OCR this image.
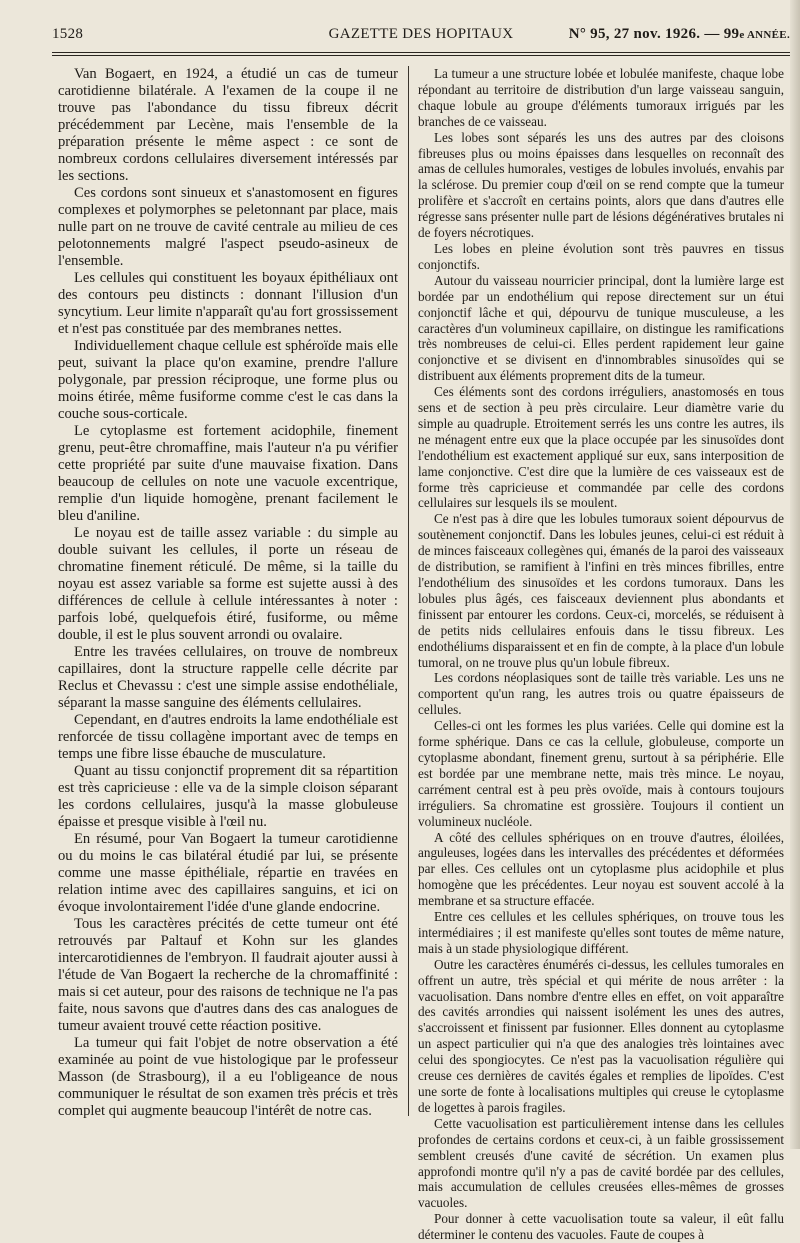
1528	GAZETTE DES HOPITAUX	N° 95, 27 nov. 1926. — 99e ANNÉE.

Van Bogaert, en 1924, a étudié un cas de tumeur carotidienne bilatérale. A l'examen de la coupe il ne trouve pas l'abondance du tissu fibreux décrit précédemment par Lecène, mais l'ensemble de la préparation présente le même aspect : ce sont de nombreux cordons cellulaires diversement intéressés par les sections.

Ces cordons sont sinueux et s'anastomosent en figures complexes et polymorphes se peletonnant par place, mais nulle part on ne trouve de cavité centrale au milieu de ces pelotonnements malgré l'aspect pseudo-asineux de l'ensemble.

Les cellules qui constituent les boyaux épithéliaux ont des contours peu distincts : donnant l'illusion d'un syncytium. Leur limite n'apparaît qu'au fort grossissement et n'est pas constituée par des membranes nettes.

Individuellement chaque cellule est sphéroïde mais elle peut, suivant la place qu'on examine, prendre l'allure polygonale, par pression réciproque, une forme plus ou moins étirée, même fusiforme comme c'est le cas dans la couche sous-corticale.

Le cytoplasme est fortement acidophile, finement grenu, peut-être chromaffine, mais l'auteur n'a pu vérifier cette propriété par suite d'une mauvaise fixation. Dans beaucoup de cellules on note une vacuole excentrique, remplie d'un liquide homogène, prenant facilement le bleu d'aniline.

Le noyau est de taille assez variable : du simple au double suivant les cellules, il porte un réseau de chromatine finement réticulé. De même, si la taille du noyau est assez variable sa forme est sujette aussi à des différences de cellule à cellule intéressantes à noter : parfois lobé, quelquefois étiré, fusiforme, ou même double, il est le plus souvent arrondi ou ovalaire.

Entre les travées cellulaires, on trouve de nombreux capillaires, dont la structure rappelle celle décrite par Reclus et Chevassu : c'est une simple assise endothéliale, séparant la masse sanguine des éléments cellulaires.

Cependant, en d'autres endroits la lame endothéliale est renforcée de tissu collagène important avec de temps en temps une fibre lisse ébauche de musculature.

Quant au tissu conjonctif proprement dit sa répartition est très capricieuse : elle va de la simple cloison séparant les cordons cellulaires, jusqu'à la masse globuleuse épaisse et presque visible à l'œil nu.

En résumé, pour Van Bogaert la tumeur carotidienne ou du moins le cas bilatéral étudié par lui, se présente comme une masse épithéliale, répartie en travées en relation intime avec des capillaires sanguins, et ici on évoque involontairement l'idée d'une glande endocrine.

Tous les caractères précités de cette tumeur ont été retrouvés par Paltauf et Kohn sur les glandes intercarotidiennes de l'embryon. Il faudrait ajouter aussi à l'étude de Van Bogaert la recherche de la chromaffinité : mais si cet auteur, pour des raisons de technique ne l'a pas faite, nous savons que d'autres dans des cas analogues de tumeur avaient trouvé cette réaction positive.

La tumeur qui fait l'objet de notre observation a été examinée au point de vue histologique par le professeur Masson (de Strasbourg), il a eu l'obligeance de nous communiquer le résultat de son examen très précis et très complet qui augmente beaucoup l'intérêt de notre cas.

La tumeur a une structure lobée et lobulée manifeste, chaque lobe répondant au territoire de distribution d'un large vaisseau sanguin, chaque lobule au groupe d'éléments tumoraux irrigués par les branches de ce vaisseau.

Les lobes sont séparés les uns des autres par des cloisons fibreuses plus ou moins épaisses dans lesquelles on reconnaît des amas de cellules humorales, vestiges de lobules involués, envahis par la sclérose. Du premier coup d'œil on se rend compte que la tumeur prolifère et s'accroît en certains points, alors que dans d'autres elle régresse sans présenter nulle part de lésions dégénératives brutales ni de foyers nécrotiques.

Les lobes en pleine évolution sont très pauvres en tissus conjonctifs.

Autour du vaisseau nourricier principal, dont la lumière large est bordée par un endothélium qui repose directement sur un étui conjonctif lâche et qui, dépourvu de tunique musculeuse, a les caractères d'un volumineux capillaire, on distingue les ramifications très nombreuses de celui-ci. Elles perdent rapidement leur gaine conjonctive et se divisent en d'innombrables sinusoïdes qui se distribuent aux éléments proprement dits de la tumeur.

Ces éléments sont des cordons irréguliers, anastomosés en tous sens et de section à peu près circulaire. Leur diamètre varie du simple au quadruple. Etroitement serrés les uns contre les autres, ils ne ménagent entre eux que la place occupée par les sinusoïdes dont l'endothélium est exactement appliqué sur eux, sans interposition de lame conjonctive. C'est dire que la lumière de ces vaisseaux est de forme très capricieuse et commandée par celle des cordons cellulaires sur lesquels ils se moulent.

Ce n'est pas à dire que les lobules tumoraux soient dépourvus de soutènement conjonctif. Dans les lobules jeunes, celui-ci est réduit à de minces faisceaux collegènes qui, émanés de la paroi des vaisseaux de distribution, se ramifient à l'infini en très minces fibrilles, entre l'endothélium des sinusoïdes et les cordons tumoraux. Dans les lobules plus âgés, ces faisceaux deviennent plus abondants et finissent par entourer les cordons. Ceux-ci, morcelés, se réduisent à de petits nids cellulaires enfouis dans le tissu fibreux. Les endothéliums disparaissent et en fin de compte, à la place d'un lobule tumoral, on ne trouve plus qu'un lobule fibreux.

Les cordons néoplasiques sont de taille très variable. Les uns ne comportent qu'un rang, les autres trois ou quatre épaisseurs de cellules.

Celles-ci ont les formes les plus variées. Celle qui domine est la forme sphérique. Dans ce cas la cellule, globuleuse, comporte un cytoplasme abondant, finement grenu, surtout à sa périphérie. Elle est bordée par une membrane nette, mais très mince. Le noyau, carrément central est à peu près ovoïde, mais à contours toujours irréguliers. Sa chromatine est grossière. Toujours il contient un volumineux nucléole.

A côté des cellules sphériques on en trouve d'autres, éloilées, anguleuses, logées dans les intervalles des précédentes et déformées par elles. Ces cellules ont un cytoplasme plus acidophile et plus homogène que les précédentes. Leur noyau est souvent accolé à la membrane et sa structure effacée.

Entre ces cellules et les cellules sphériques, on trouve tous les intermédiaires ; il est manifeste qu'elles sont toutes de même nature, mais à un stade physiologique différent.

Outre les caractères énumérés ci-dessus, les cellules tumorales en offrent un autre, très spécial et qui mérite de nous arrêter : la vacuolisation. Dans nombre d'entre elles en effet, on voit apparaître des cavités arrondies qui naissent isolément les unes des autres, s'accroissent et finissent par fusionner. Elles donnent au cytoplasme un aspect particulier qui n'a que des analogies très lointaines avec celui des spongiocytes. Ce n'est pas la vacuolisation régulière qui creuse ces dernières de cavités égales et remplies de lipoïdes. C'est une sorte de fonte à localisations multiples qui creuse le cytoplasme de logettes à parois fragiles.

Cette vacuolisation est particulièrement intense dans les cellules profondes de certains cordons et ceux-ci, à un faible grossissement semblent creusés d'une cavité de sécrétion. Un examen plus approfondi montre qu'il n'y a pas de cavité bordée par des cellules, mais accumulation de cellules creusées elles-mêmes de grosses vacuoles.

Pour donner à cette vacuolisation toute sa valeur, il eût fallu déterminer le contenu des vacuoles. Faute de coupes à
